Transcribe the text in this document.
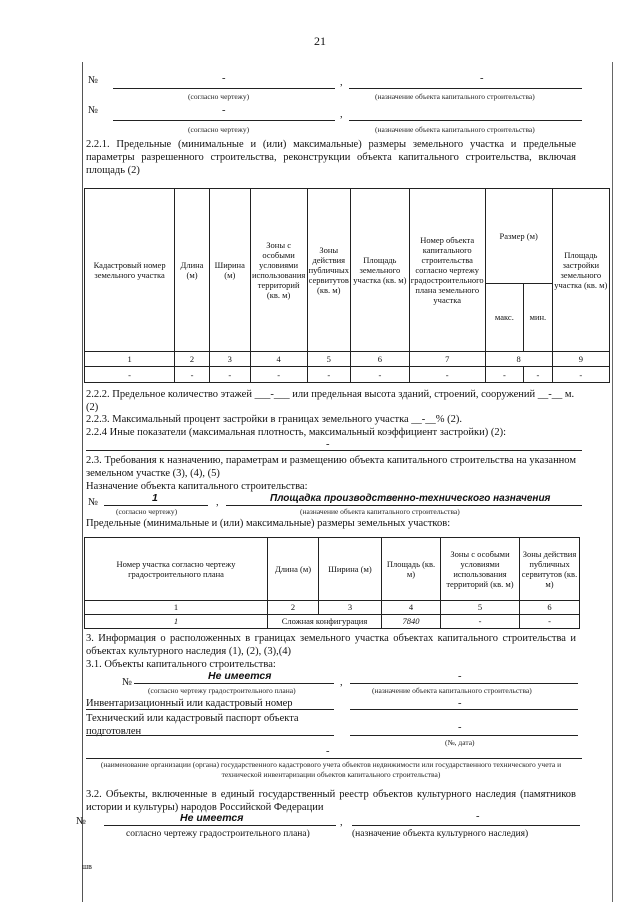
21
№	-	,	-
(согласно чертежу)	(назначение объекта капитального строительства)
№	-	,
(согласно чертежу)	(назначение объекта капитального строительства)
2.2.1. Предельные (минимальные и (или) максимальные) размеры земельного участка и предельные параметры разрешенного строительства, реконструкции объекта капитального строительства, включая площадь (2)
Кадастровый номер земельного участка	Длина (м)	Ширина (м)	Зоны с особыми условиями использования территорий (кв. м)	Зоны действия публичных сервитутов (кв. м)	Площадь земельного участка (кв. м)	Номер объекта капитального строительства согласно чертежу градостроительного плана земельного участка	Размер (м)		Площадь застройки земельного участка (кв. м)
							макс.	мин.	
1	2	3	4	5	6	7	8		9
-	-	-	-	-	-	-	-	-	-
2.2.2. Предельное количество этажей ___-___ или предельная высота зданий, строений, сооружений __-__ м. (2)
2.2.3. Максимальный процент застройки в границах земельного участка __-__% (2).
2.2.4 Иные показатели (максимальная плотность, максимальный коэффициент застройки) (2):
-
2.3. Требования к назначению, параметрам и размещению объекта капитального строительства на указанном земельном участке (3), (4), (5)
Назначение объекта капитального строительства:
№	1	,	Площадка производственно-технического назначения
(согласно чертежу)	(назначение объекта капитального строительства)
Предельные (минимальные и (или) максимальные) размеры земельных участков:
Номер участка согласно чертежу градостроительного плана	Длина (м)	Ширина (м)	Площадь (кв. м)	Зоны с особыми условиями использования территорий (кв. м)	Зоны действия публичных сервитутов (кв. м)
1	2	3	4	5	6
1	Сложная конфигурация		7840	-	-
3. Информация о расположенных в границах земельного участка объектах капитального строительства и объектах культурного наследия (1), (2), (3),(4)
3.1. Объекты капитального строительства:
№
Не имеется
,
-
(согласно чертежу градостроительного плана)	(назначение объекта капитального строительства)
Инвентаризационный или кадастровый номер	-
Технический или кадастровый паспорт объекта подготовлен	-
(№, дата)
-
(наименование организации (органа) государственного кадастрового учета объектов недвижимости или государственного технического учета и технической инвентаризации объектов капитального строительства)
3.2. Объекты, включенные в единый государственный реестр объектов культурного наследия (памятников истории и культуры) народов Российской Федерации
№	Не имеется	,
-
согласно чертежу градостроительного плана)	(назначение объекта культурного наследия)
шв
